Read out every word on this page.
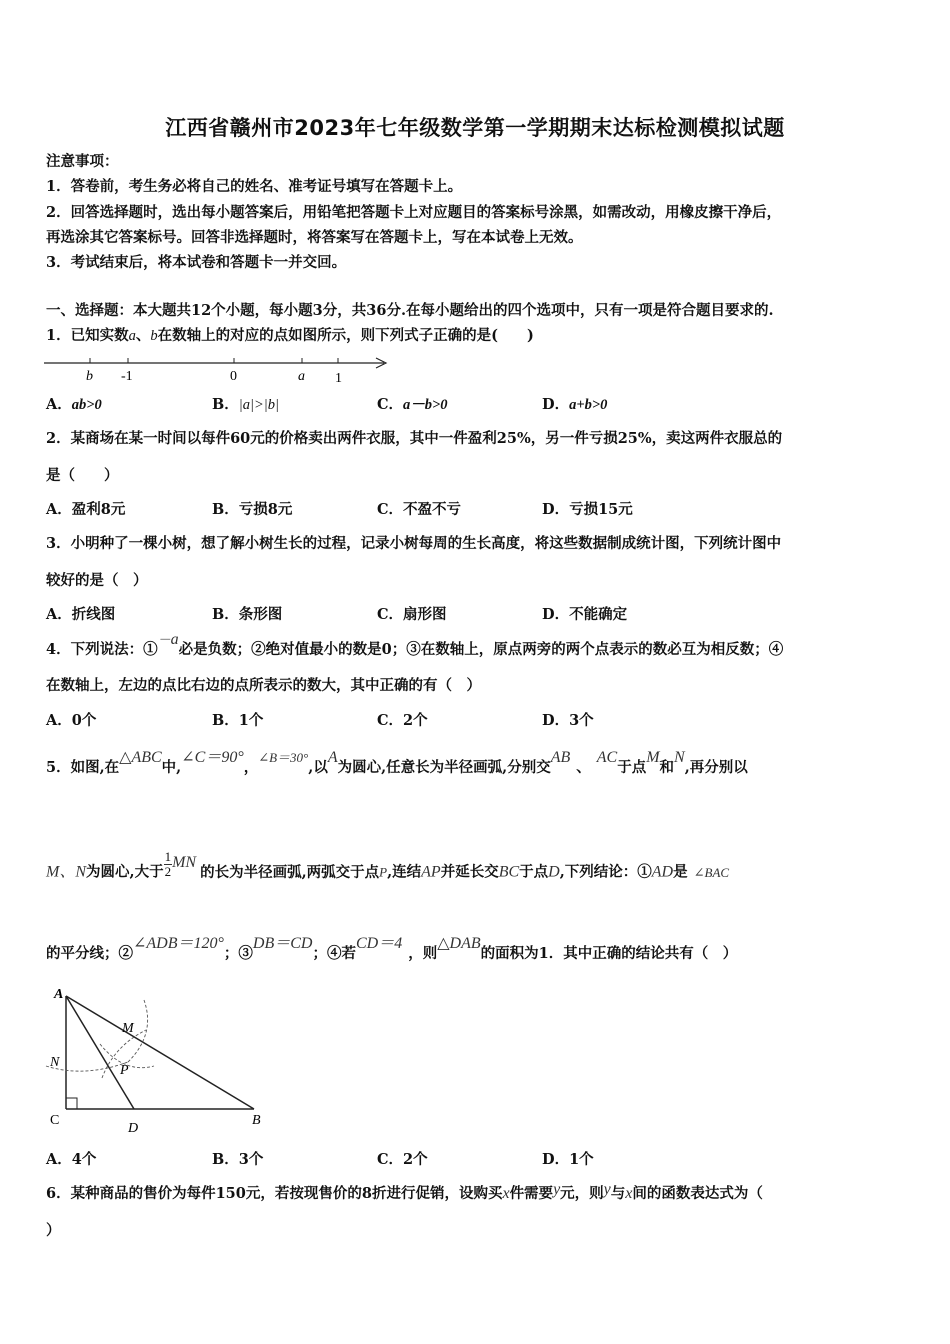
江西省赣州市2023年七年级数学第一学期期末达标检测模拟试题
注意事项：
1．答卷前，考生务必将自己的姓名、准考证号填写在答题卡上。
2．回答选择题时，选出每小题答案后，用铅笔把答题卡上对应题目的答案标号涂黑，如需改动，用橡皮擦干净后，
再选涂其它答案标号。回答非选择题时，将答案写在答题卡上，写在本试卷上无效。
3．考试结束后，将本试卷和答题卡一并交回。
一、选择题：本大题共12个小题，每小题3分，共36分.在每小题给出的四个选项中，只有一项是符合题目要求的.
1．已知实数a、b在数轴上的对应的点如图所示，则下列式子正确的是(　　)
b -1	0	a 1
A．ab>0	B．|a|>|b|	C．a－b>0	D．a+b>0
2．某商场在某一时间以每件60元的价格卖出两件衣服，其中一件盈利25%，另一件亏损25%，卖这两件衣服总的
是（　　）
A．盈利8元	B．亏损8元	C．不盈不亏	D．亏损15元
3．小明种了一棵小树，想了解小树生长的过程，记录小树每周的生长高度，将这些数据制成统计图，下列统计图中
较好的是（　）
A．折线图	B．条形图	C．扇形图	D．不能确定
4．下列说法：①－a必是负数；②绝对值最小的数是0；③在数轴上，原点两旁的两个点表示的数必互为相反数；④
在数轴上，左边的点比右边的点所表示的数大，其中正确的有（　）
A．0个	B．1个	C．2个	D．3个
5．如图,在△ABC中,∠C＝90°，∠B＝30°,以A为圆心,任意长为半径画弧,分别交AB、AC于点M和N,再分别以
M、N为圆心,大于 $\frac{1}{2}$ MN的长为半径画弧,两弧交于点P,连结AP并延长交BC于点D,下列结论：①AD是 ∠BAC
的平分线；②∠ADB＝120°；③DB＝CD；④若CD＝4，则△DAB的面积为1．其中正确的结论共有（　）
A
M
N
P
C
D
B
A．4个	B．3个	C．2个	D．1个
6．某种商品的售价为每件150元，若按现售价的8折进行促销，设购买x件需要y元，则y与x间的函数表达式为（
）
